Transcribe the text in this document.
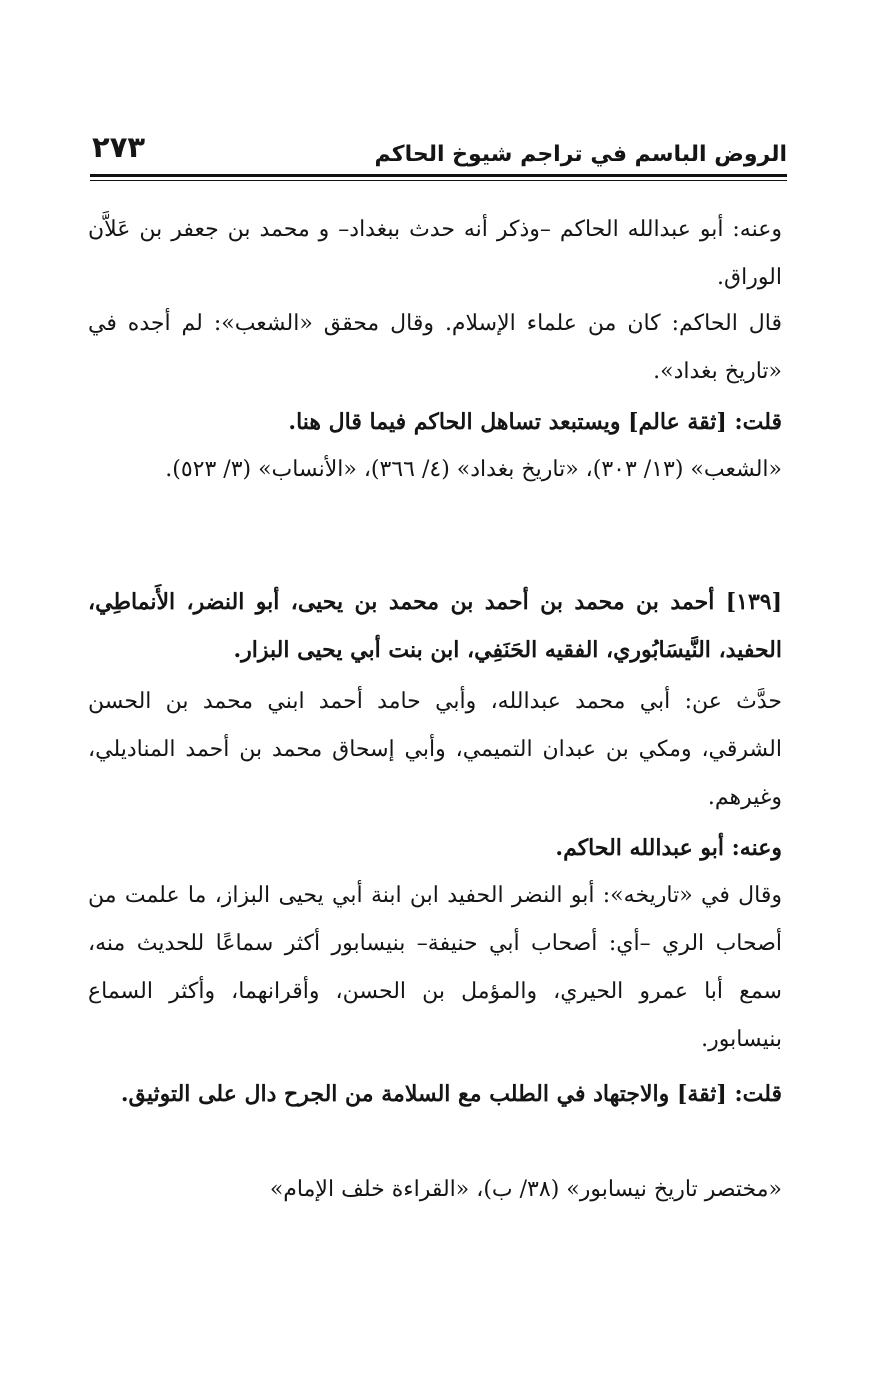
الروض الباسم في تراجم شيوخ الحاكم
٢٧٣

وعنه: أبو عبدالله الحاكم –وذكر أنه حدث ببغداد– و محمد بن جعفر بن عَلاَّن الوراق.

قال الحاكم: كان من علماء الإسلام. وقال محقق «الشعب»: لم أجده في «تاريخ بغداد».

قلت: [ثقة عالم] ويستبعد تساهل الحاكم فيما قال هنا.

«الشعب» (١٣/ ٣٠٣)، «تاريخ بغداد» (٤/ ٣٦٦)، «الأنساب» (٣/ ٥٢٣).

[١٣٩] أحمد بن محمد بن أحمد بن محمد بن يحيى، أبو النضر، الأَنماطِي، الحفيد، النَّيسَابُوري، الفقيه الحَنَفِي، ابن بنت أبي يحيى البزار.

حدَّث عن: أبي محمد عبدالله، وأبي حامد أحمد ابني محمد بن الحسن الشرقي، ومكي بن عبدان التميمي، وأبي إسحاق محمد بن أحمد المناديلي، وغيرهم.

وعنه: أبو عبدالله الحاكم.

وقال في «تاريخه»: أبو النضر الحفيد ابن ابنة أبي يحيى البزاز، ما علمت من أصحاب الري –أي: أصحاب أبي حنيفة– بنيسابور أكثر سماعًا للحديث منه، سمع أبا عمرو الحيري، والمؤمل بن الحسن، وأقرانهما، وأكثر السماع بنيسابور.

قلت: [ثقة] والاجتهاد في الطلب مع السلامة من الجرح دال على التوثيق.

«مختصر تاريخ نيسابور» (٣٨/ ب)، «القراءة خلف الإمام»
